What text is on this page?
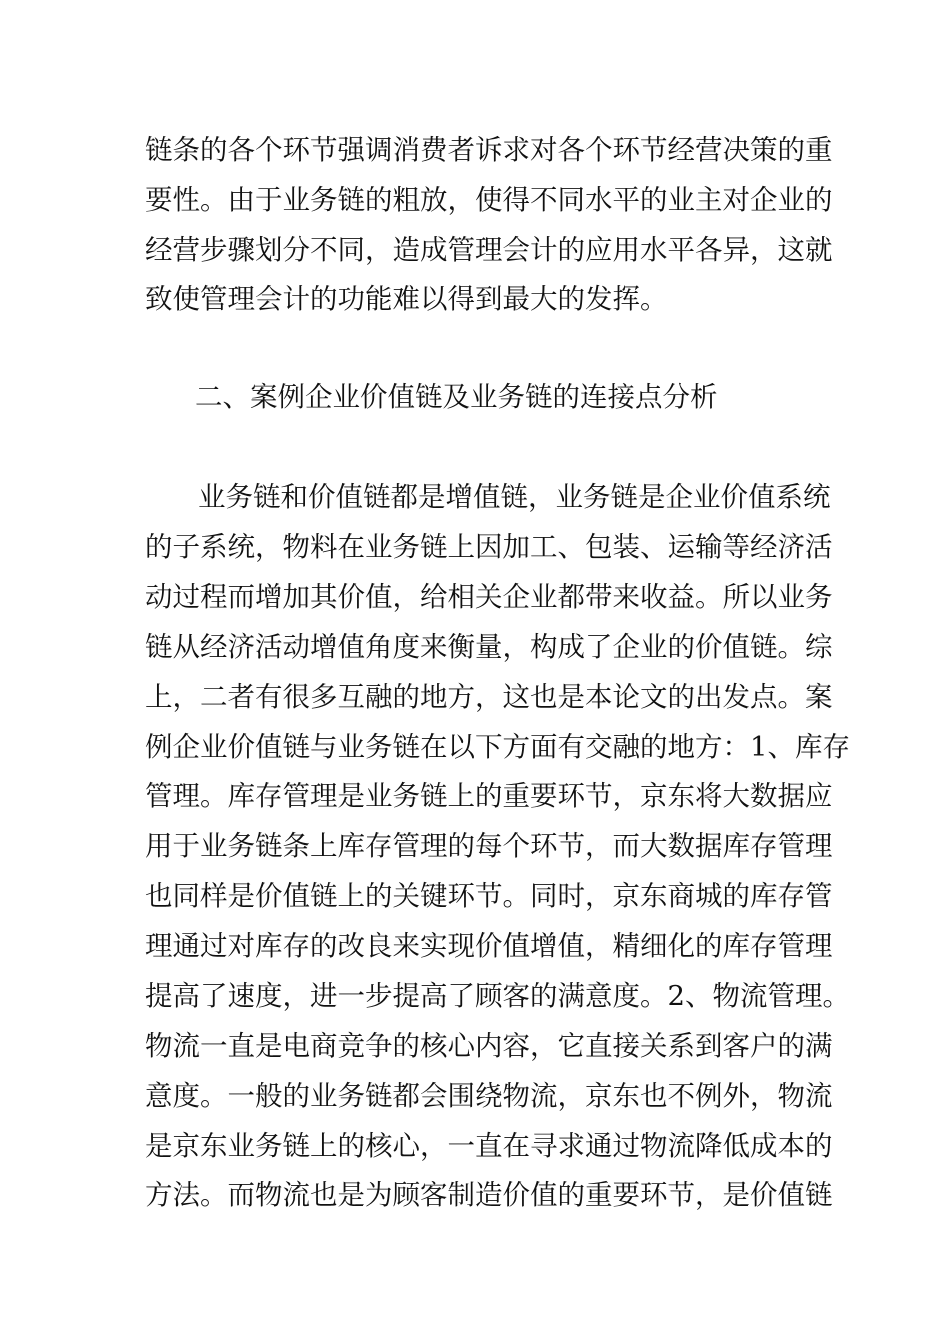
链条的各个环节强调消费者诉求对各个环节经营决策的重
要性。由于业务链的粗放，使得不同水平的业主对企业的
经营步骤划分不同，造成管理会计的应用水平各异，这就
致使管理会计的功能难以得到最大的发挥。
二、案例企业价值链及业务链的连接点分析
业务链和价值链都是增值链，业务链是企业价值系统
的子系统，物料在业务链上因加工、包装、运输等经济活
动过程而增加其价值，给相关企业都带来收益。所以业务
链从经济活动增值角度来衡量，构成了企业的价值链。综
上，二者有很多互融的地方，这也是本论文的出发点。案
例企业价值链与业务链在以下方面有交融的地方：1、库存
管理。库存管理是业务链上的重要环节，京东将大数据应
用于业务链条上库存管理的每个环节，而大数据库存管理
也同样是价值链上的关键环节。同时，京东商城的库存管
理通过对库存的改良来实现价值增值，精细化的库存管理
提高了速度，进一步提高了顾客的满意度。2、物流管理。
物流一直是电商竞争的核心内容，它直接关系到客户的满
意度。一般的业务链都会围绕物流，京东也不例外，物流
是京东业务链上的核心，一直在寻求通过物流降低成本的
方法。而物流也是为顾客制造价值的重要环节，是价值链
